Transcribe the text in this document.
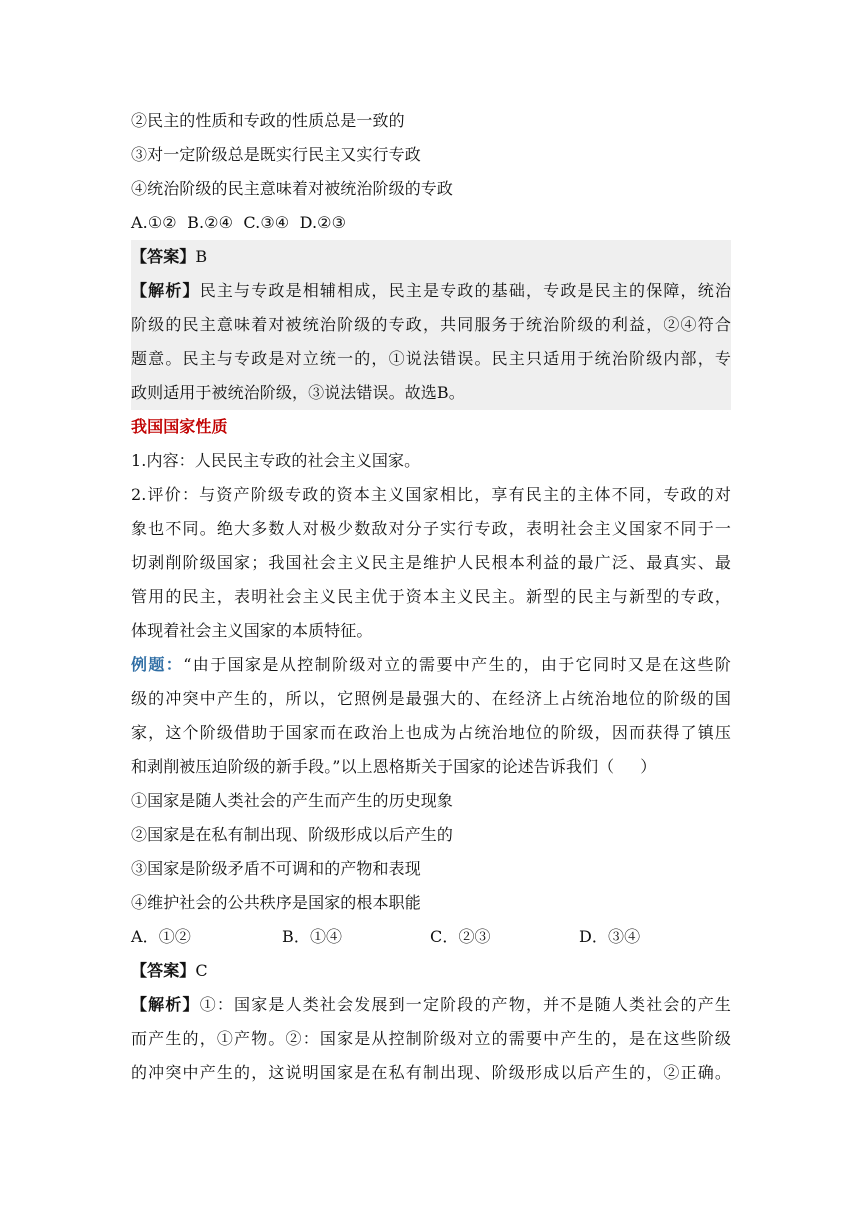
②民主的性质和专政的性质总是一致的
③对一定阶级总是既实行民主又实行专政
④统治阶级的民主意味着对被统治阶级的专政
A.①②  B.②④  C.③④  D.②③
【答案】B
【解析】民主与专政是相辅相成，民主是专政的基础，专政是民主的保障，统治
阶级的民主意味着对被统治阶级的专政，共同服务于统治阶级的利益，②④符合
题意。民主与专政是对立统一的，①说法错误。民主只适用于统治阶级内部，专
政则适用于被统治阶级，③说法错误。故选B。
我国国家性质
1.内容：人民民主专政的社会主义国家。
2.评价：与资产阶级专政的资本主义国家相比，享有民主的主体不同，专政的对
象也不同。绝大多数人对极少数敌对分子实行专政，表明社会主义国家不同于一
切剥削阶级国家；我国社会主义民主是维护人民根本利益的最广泛、最真实、最
管用的民主，表明社会主义民主优于资本主义民主。新型的民主与新型的专政，
体现着社会主义国家的本质特征。
例题：“由于国家是从控制阶级对立的需要中产生的，由于它同时又是在这些阶
级的冲突中产生的，所以，它照例是最强大的、在经济上占统治地位的阶级的国
家，这个阶级借助于国家而在政治上也成为占统治地位的阶级，因而获得了镇压
和剥削被压迫阶级的新手段。”以上恩格斯关于国家的论述告诉我们（     ）
①国家是随人类社会的产生而产生的历史现象
②国家是在私有制出现、阶级形成以后产生的
③国家是阶级矛盾不可调和的产物和表现
④维护社会的公共秩序是国家的根本职能
A．①②	B．①④	C．②③	D．③④
【答案】C
【解析】①：国家是人类社会发展到一定阶段的产物，并不是随人类社会的产生
而产生的，①产物。②：国家是从控制阶级对立的需要中产生的，是在这些阶级
的冲突中产生的，这说明国家是在私有制出现、阶级形成以后产生的，②正确。
